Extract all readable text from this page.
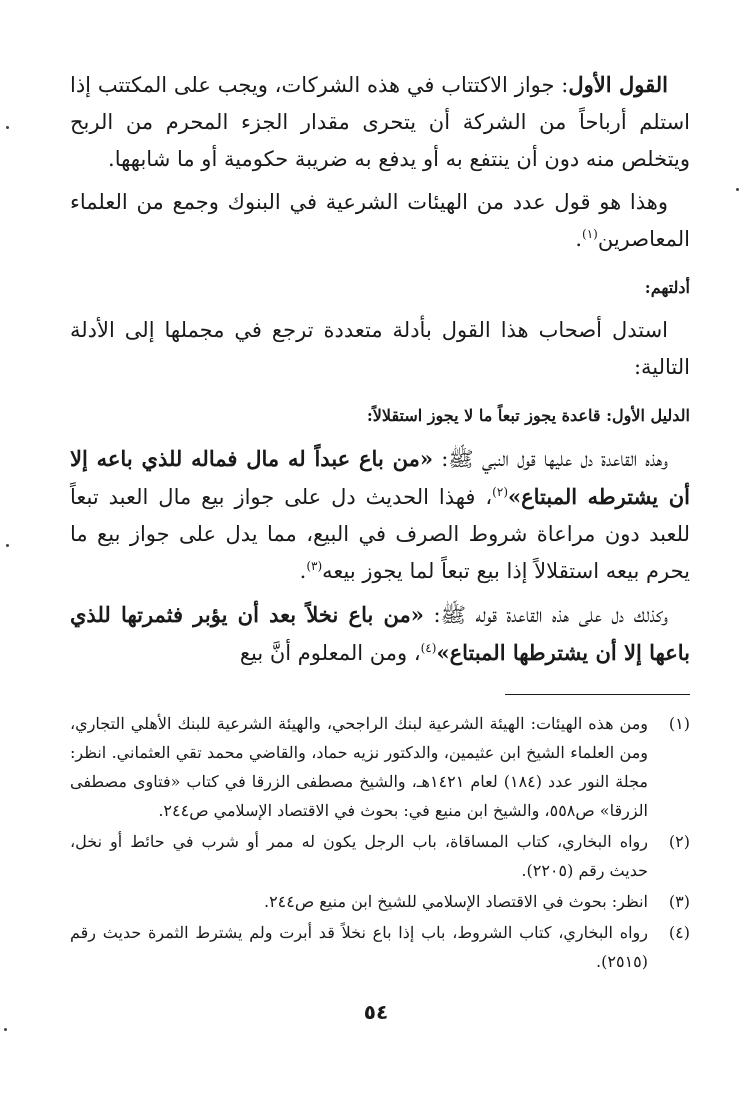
القول الأول: جواز الاكتتاب في هذه الشركات، ويجب على المكتتب إذا استلم أرباحاً من الشركة أن يتحرى مقدار الجزء المحرم من الربح ويتخلص منه دون أن ينتفع به أو يدفع به ضريبة حكومية أو ما شابهها.

وهذا هو قول عدد من الهيئات الشرعية في البنوك وجمع من العلماء المعاصرين$^{(١)}$.

أدلتهم:

استدل أصحاب هذا القول بأدلة متعددة ترجع في مجملها إلى الأدلة التالية:

الدليل الأول: قاعدة يجوز تبعاً ما لا يجوز استقلالاً:

وهذه القاعدة دل عليها قول النبي ﷺ: «من باع عبداً له مال فماله للذي باعه إلا أن يشترطه المبتاع»$^{(٢)}$، فهذا الحديث دل على جواز بيع مال العبد تبعاً للعبد دون مراعاة شروط الصرف في البيع، مما يدل على جواز بيع ما يحرم بيعه استقلالاً إذا بيع تبعاً لما يجوز بيعه$^{(٣)}$.

وكذلك دل على هذه القاعدة قوله ﷺ: «من باع نخلاً بعد أن يؤبر فثمرتها للذي باعها إلا أن يشترطها المبتاع»$^{(٤)}$، ومن المعلوم أنَّ بيع

(١)
ومن هذه الهيئات: الهيئة الشرعية لبنك الراجحي، والهيئة الشرعية للبنك الأهلي التجاري، ومن العلماء الشيخ ابن عثيمين، والدكتور نزيه حماد، والقاضي محمد تقي العثماني. انظر: مجلة النور عدد (١٨٤) لعام ١٤٢١هـ، والشيخ مصطفى الزرقا في كتاب «فتاوى مصطفى الزرقا» ص٥٥٨، والشيخ ابن منيع في: بحوث في الاقتصاد الإسلامي ص٢٤٤.
(٢)
رواه البخاري، كتاب المساقاة، باب الرجل يكون له ممر أو شرب في حائط أو نخل، حديث رقم (٢٢٠٥).
(٣)
انظر: بحوث في الاقتصاد الإسلامي للشيخ ابن منيع ص٢٤٤.
(٤)
رواه البخاري، كتاب الشروط، باب إذا باع نخلاً قد أبرت ولم يشترط الثمرة حديث رقم (٢٥١٥).
٥٤
